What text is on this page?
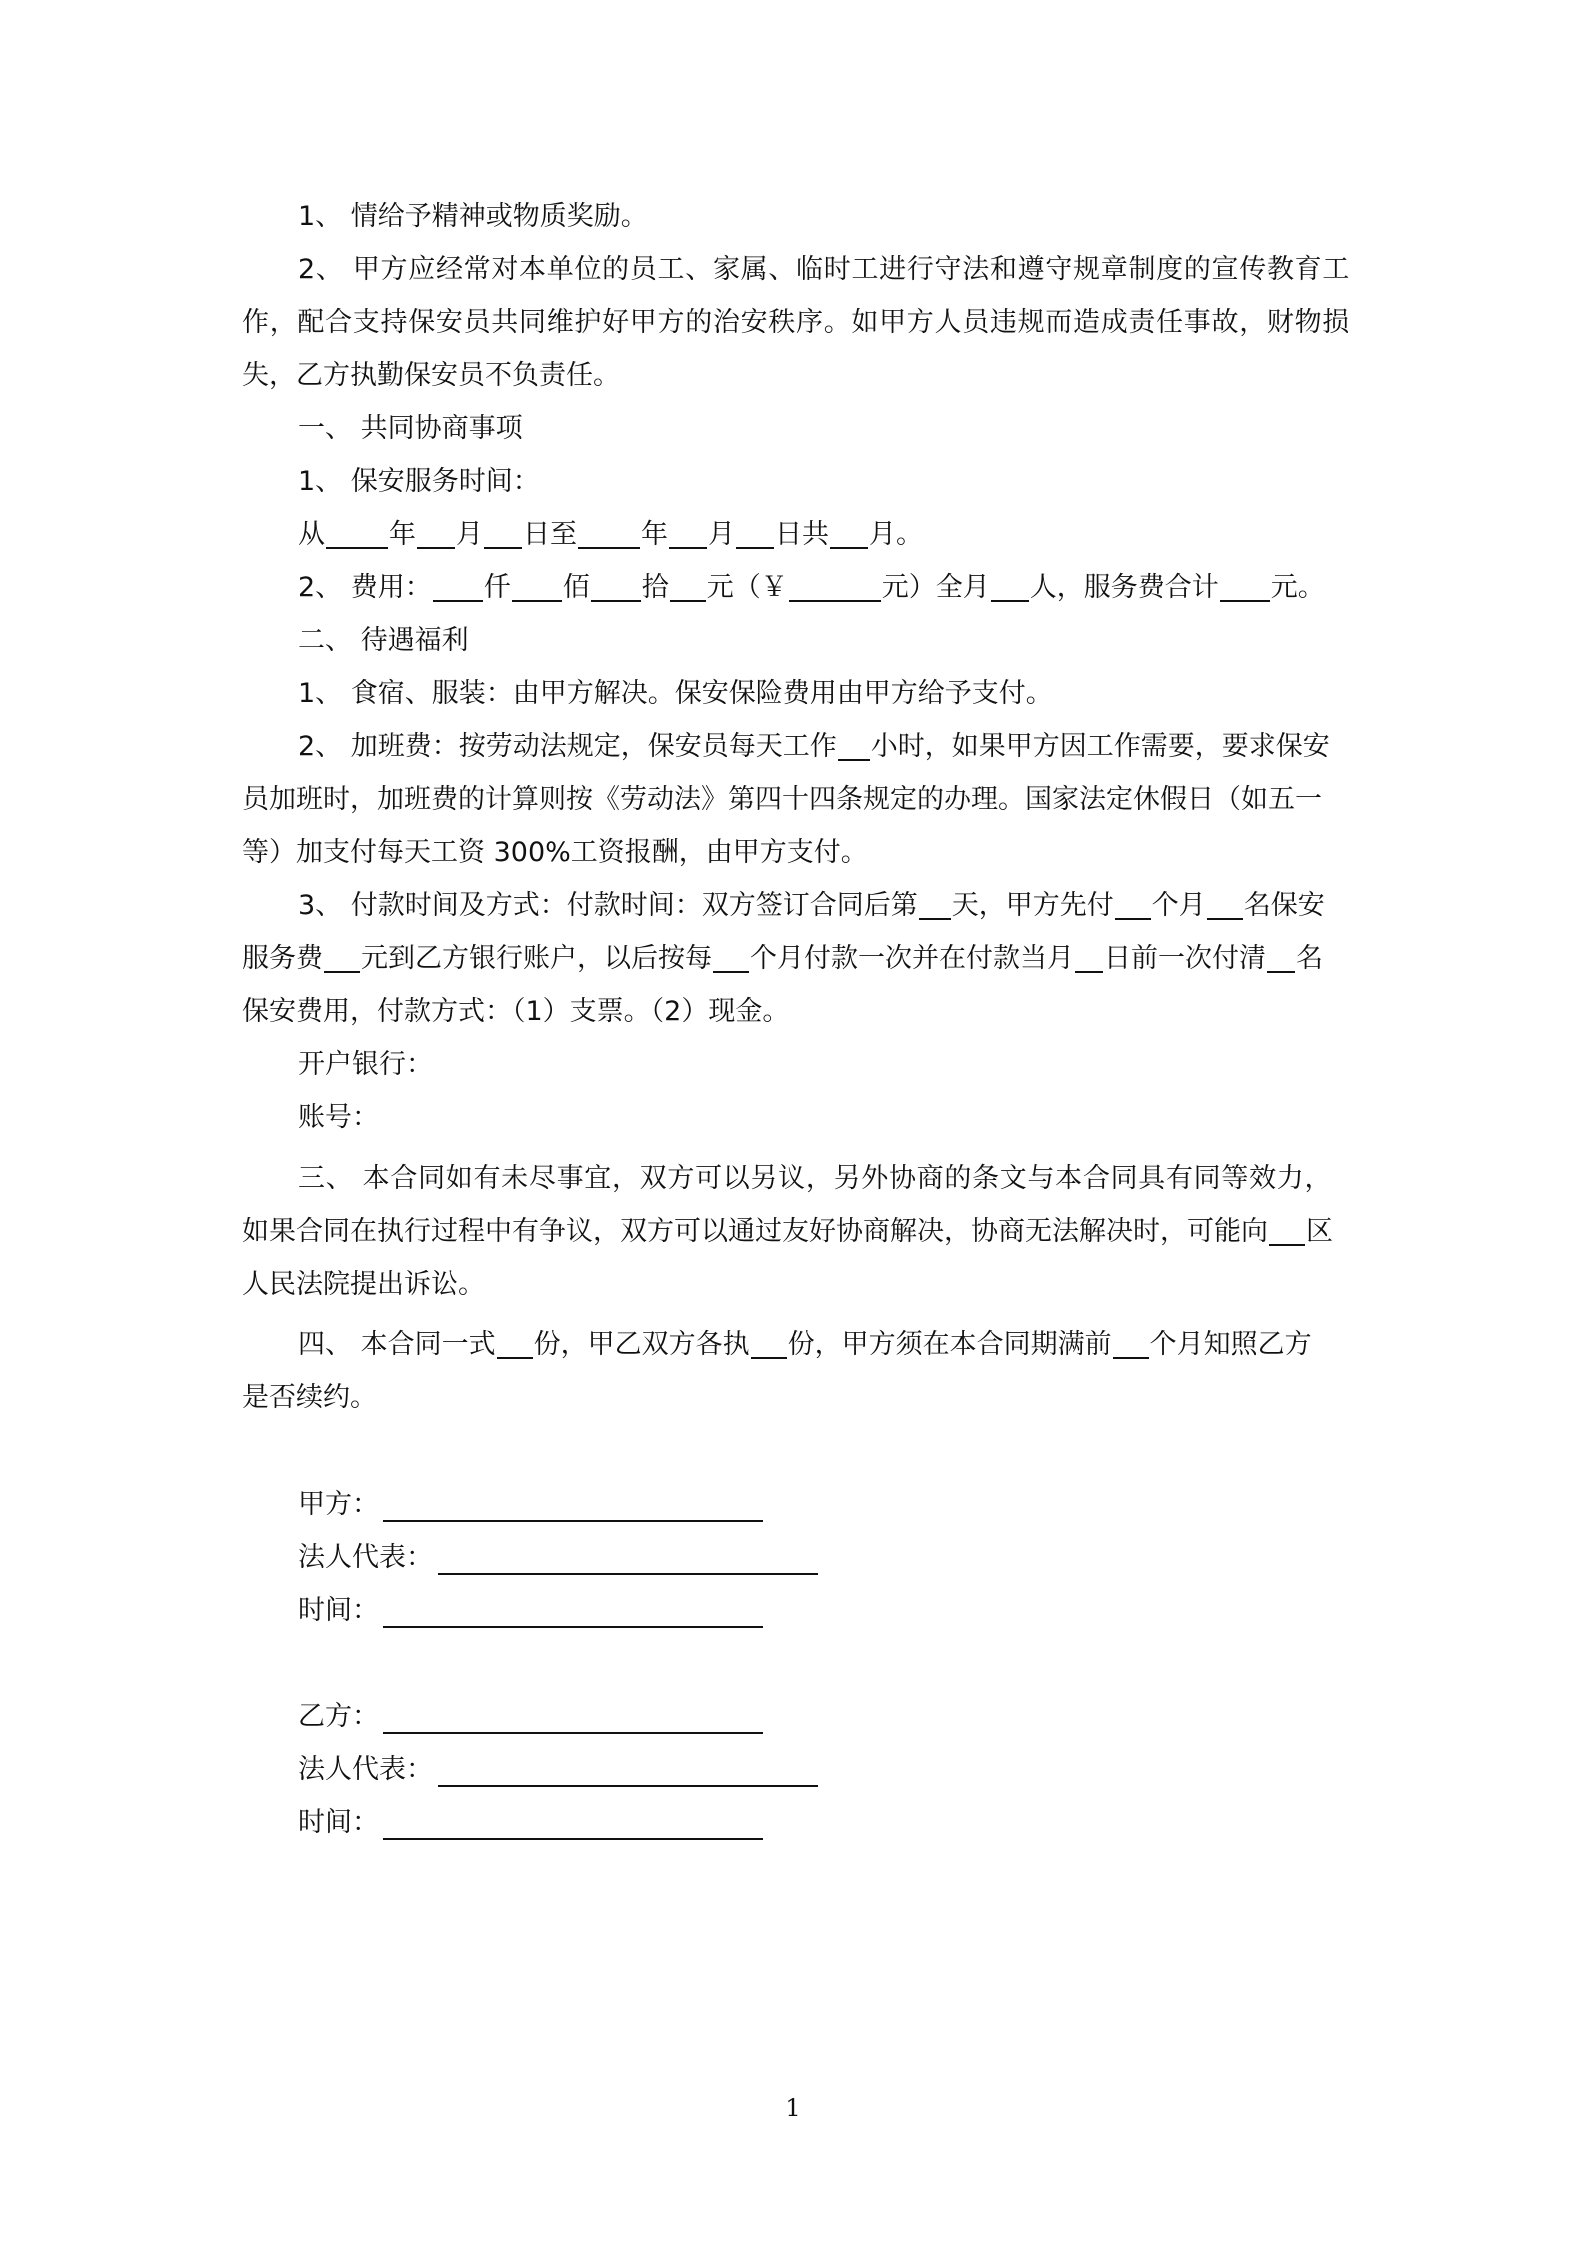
1、 情给予精神或物质奖励。
2、 甲方应经常对本单位的员工、家属、临时工进行守法和遵守规章制度的宣传教育工
作，配合支持保安员共同维护好甲方的治安秩序。如甲方人员违规而造成责任事故，财物损
失，乙方执勤保安员不负责任。
一、 共同协商事项
1、 保安服务时间：
从 年 月 日至 年 月 日共 月。
2、 费用： 仟 佰 拾 元（￥	元）全月 人，服务费合计 元。
二、 待遇福利
1、 食宿、服装：由甲方解决。保安保险费用由甲方给予支付。
2、 加班费：按劳动法规定，保安员每天工作 小时，如果甲方因工作需要，要求保安
员加班时，加班费的计算则按《劳动法》第四十四条规定的办理。国家法定休假日（如五一
等）加支付每天工资 300%工资报酬，由甲方支付。
3、 付款时间及方式：付款时间：双方签订合同后第 天，甲方先付 个月 名保安
服务费 元到乙方银行账户，以后按每 个月付款一次并在付款当月 日前一次付清 名
保安费用，付款方式：（1）支票。（2）现金。
开户银行：
账号：
三、 本合同如有未尽事宜，双方可以另议，另外协商的条文与本合同具有同等效力，
如果合同在执行过程中有争议，双方可以通过友好协商解决，协商无法解决时，可能向 区
人民法院提出诉讼。
四、 本合同一式 份，甲乙双方各执 份，甲方须在本合同期满前 个月知照乙方
是否续约。
甲方：
法人代表：
时间：
乙方：
法人代表：
时间：
1
